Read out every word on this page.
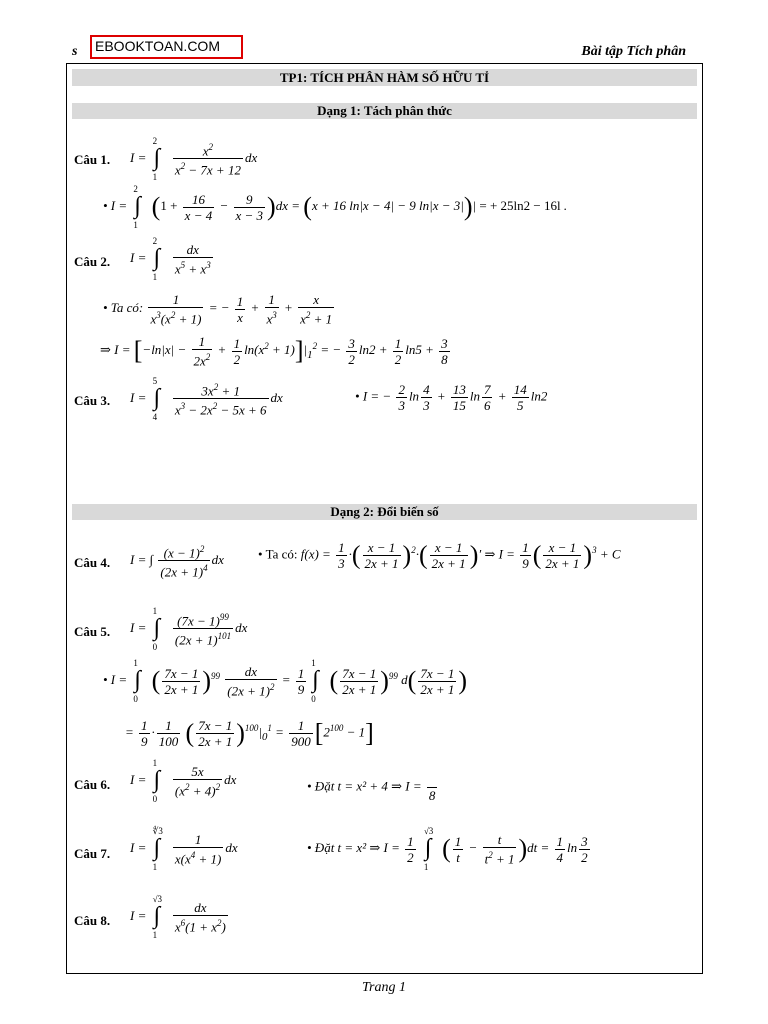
s	EBOOKTOAN.COM	Bài tập Tích phân
TP1: TÍCH PHÂN HÀM SỐ HỮU TỈ
Dạng 1: Tách phân thức
Câu 1. I =
2
∫
1
$\frac{x^2}{x^2 - 7x + 12}$ dx
• I =
2
∫
1
$(1 + \frac{16}{x - 4} - \frac{9}{x - 3} )dx = (x + 16$ ln|x − 4| − 9 ln|x − 3|)| = + 25ln2 − 16l .
Câu 2. I =
2
∫
1

$\frac{dx}{x^5 + x^3}$
• Ta có: $\frac{1}{x^3(x^2 + 1)}$ = − $\frac{1}{x} + \frac{1}{x^3} + \frac{x}{x^2 + 1}$
⇒ $I = [-\ln|x| - \frac{1}{2x^2} + \frac{1}{2} \ln(x^2 + 1)]|_1^2$ = − $\frac{3}{2} \ln 2 + \frac{1}{2} \ln 5 + \frac{3}{8}$
Câu 3. I =
5
∫
4
$\frac{3x^2 + 1}{x^3 - 2x^2 - 5x + 6}$ dx	• I = − $\frac{2}{3}$ $\ln \frac{4}{3} + \frac{13}{15}$ $\ln \frac{7}{6} + \frac{14}{5} \ln 2$
Dạng 2: Đổi biến số
Câu 4. I = ∫ $\frac{(x - 1)^2}{(2x + 1)^4}$ dx	• Ta có: $f(x) = \frac{1}{3}$ ·( $\frac{x - 1}{2x + 1} )^2\cdot( \frac{x - 1}{2x + 1}$ )′ ⇒ $I = \frac{1}{9}$ ( $\frac{x - 1}{2x + 1} )^3 + C$
Câu 5. I =
1
∫
0
$\frac{(7x - 1)^{99}}{(2x + 1)^{101}}$ dx
• I =
1
∫
0
( $\frac{7x - 1}{2x + 1} )^{99} \frac{dx}{(2x + 1)^2} = \frac{1}{9}$
1
∫
0
( $\frac{7x - 1}{2x + 1} )^{99}$ $d( \frac{7x - 1}{2x + 1}$ )
= $\frac{1}{9} \cdot \frac{1}{100}$ ( $\frac{7x - 1}{2x + 1} )^{100}|_0^1 = \frac{1}{900} [2^{100} - 1]$
Câu 6. I =
1
∫
0

$\frac{5x}{(x^2 + 4)^2}$ dx	• Đặt t = x² + 4 ⇒ I =

8
Câu 7. I =
∜3
∫
1

$\frac{1}{x(x^4 + 1)}$ dx	• Đặt t = x² ⇒ $I = \frac{1}{2}$

√3
∫
1
( $\frac{1}{t} - \frac{t}{t^2 + 1} )dt = \frac{1}{4}$ $\ln \frac{3}{2}$
Câu 8. I =
√3
∫
1

$\frac{dx}{x^6(1 + x^2)}$
Trang 1
